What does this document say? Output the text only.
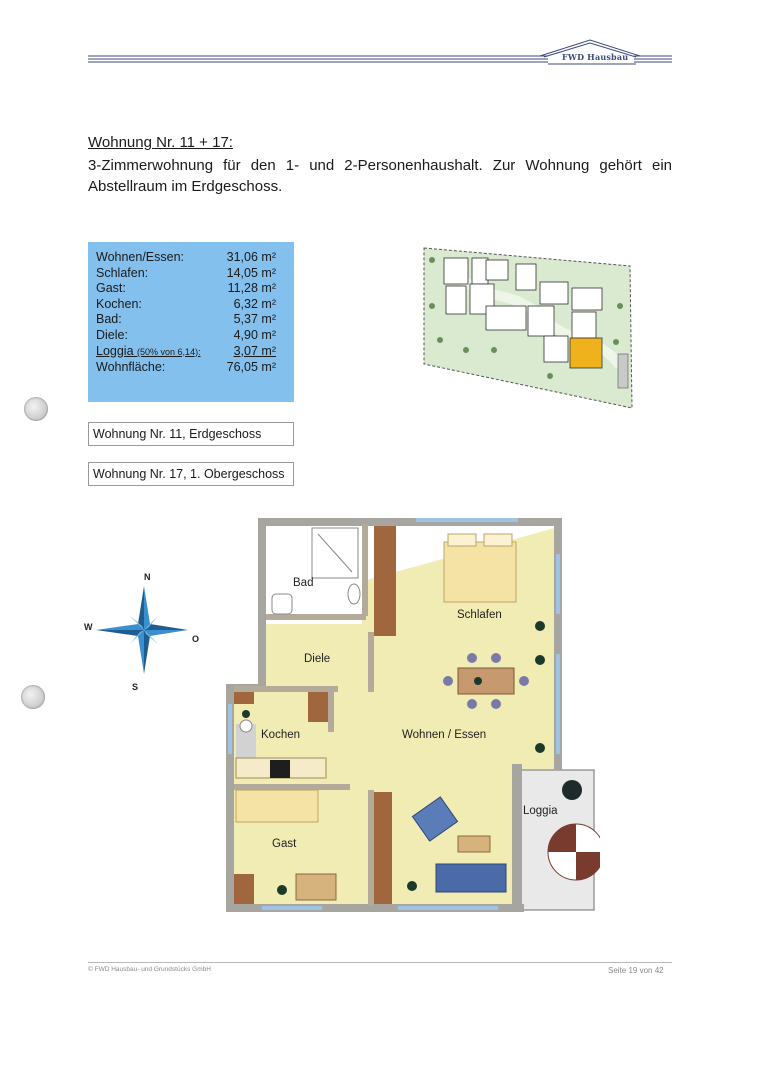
FWD Hausbau
Wohnung Nr. 11 + 17:
3-Zimmerwohnung für den 1- und 2-Personenhaushalt. Zur Wohnung gehört ein Abstellraum im Erdgeschoss.
Wohnen/Essen:	31,06 m²
Schlafen:	14,05 m²
Gast:	11,28 m²
Kochen:	6,32 m²
Bad:	5,37 m²
Diele:	4,90 m²
Loggia (50% von 6,14):	3,07 m²
Wohnfläche:	76,05 m²
Wohnung Nr. 11, Erdgeschoss
Wohnung Nr. 17, 1. Obergeschoss
N
S
W
O
Bad
Schlafen
Diele
Kochen	Wohnen / Essen
Loggia
Gast
© FWD Hausbau- und Grundstücks GmbH	Seite 19 von 42
